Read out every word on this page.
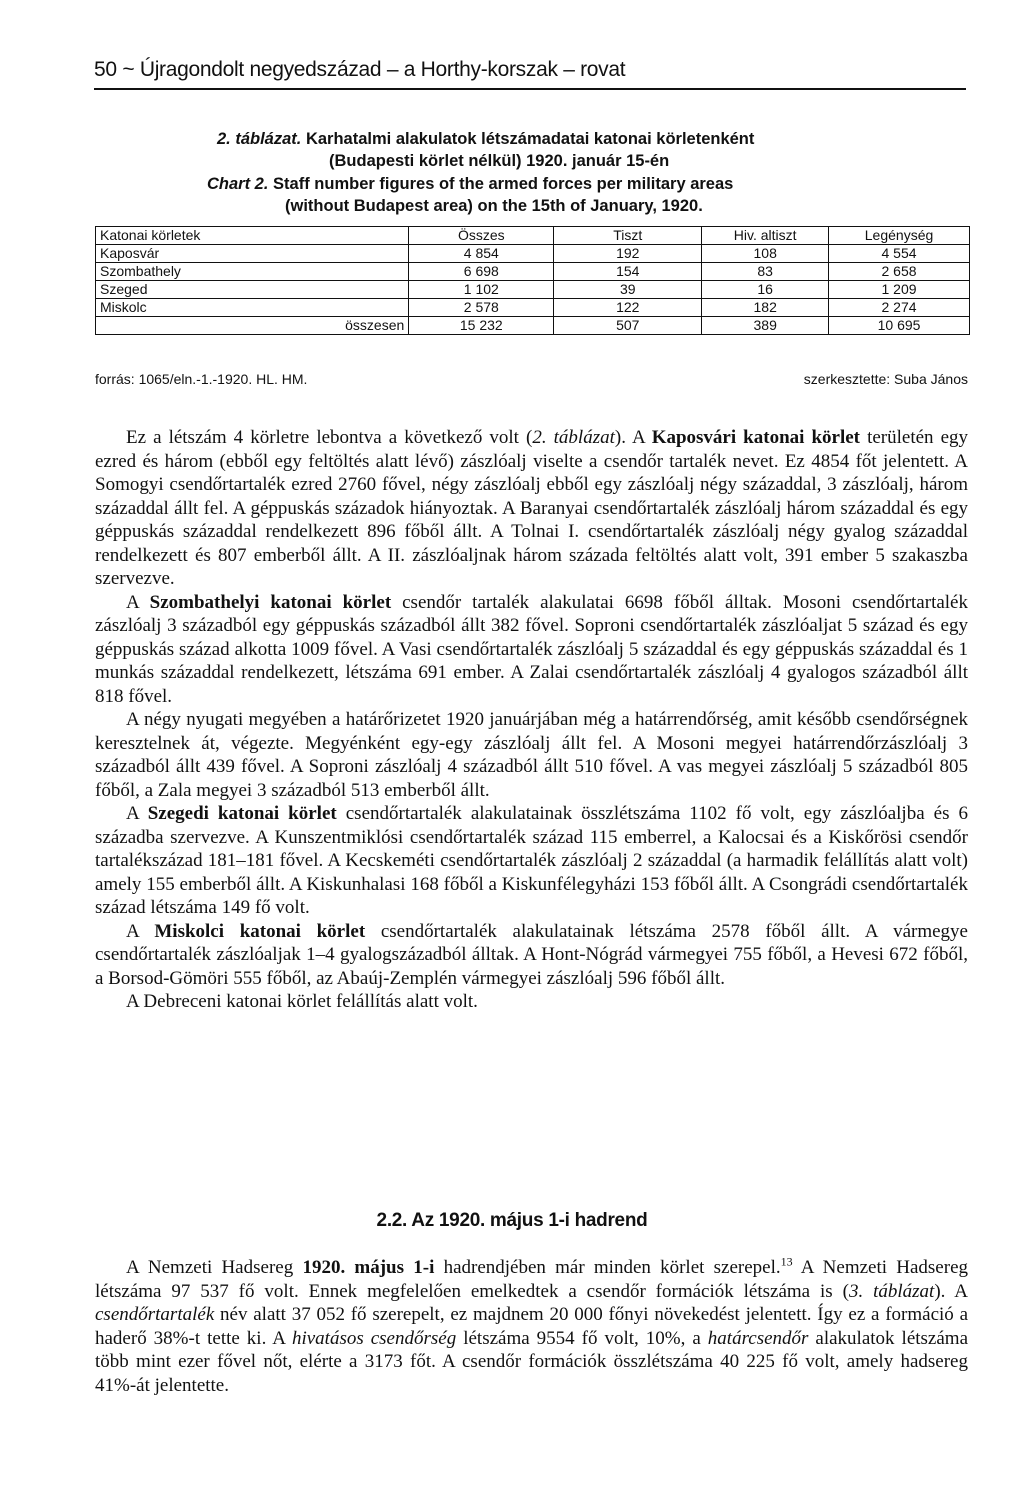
50 ~ Újragondolt negyedszázad – a Horthy-korszak – rovat
2. táblázat. Karhatalmi alakulatok létszámadatai katonai körletenként
(Budapesti körlet nélkül) 1920. január 15-én
Chart 2. Staff number figures of the armed forces per military areas
(without Budapest area) on the 15th of January, 1920.
Katonai körletek	Összes	Tiszt	Hiv. altiszt	Legénység
Kaposvár	4 854	192	108	4 554
Szombathely	6 698	154	83	2 658
Szeged	1 102	39	16	1 209
Miskolc	2 578	122	182	2 274
összesen	15 232	507	389	10 695
forrás: 1065/eln.-1.-1920. HL. HM.	szerkesztette: Suba János

Ez a létszám 4 körletre lebontva a következő volt (2. táblázat). A Kaposvári katonai körlet területén egy ezred és három (ebből egy feltöltés alatt lévő) zászlóalj viselte a csendőr tartalék nevet. Ez 4854 főt jelentett. A Somogyi csendőrtartalék ezred 2760 fővel, négy zászlóalj ebből egy zászlóalj négy századdal, 3 zászlóalj, három századdal állt fel. A géppuskás századok hiányoztak. A Baranyai csendőrtartalék zászlóalj három századdal és egy géppuskás századdal rendelkezett 896 főből állt. A Tolnai I. csendőrtartalék zászlóalj négy gyalog századdal rendelkezett és 807 emberből állt. A II. zászlóaljnak három százada feltöltés alatt volt, 391 ember 5 szakaszba szervezve.

A Szombathelyi katonai körlet csendőr tartalék alakulatai 6698 főből álltak. Mosoni csendőrtartalék zászlóalj 3 századból egy géppuskás századból állt 382 fővel. Soproni csendőrtartalék zászlóaljat 5 század és egy géppuskás század alkotta 1009 fővel. A Vasi csendőrtartalék zászlóalj 5 századdal és egy géppuskás századdal és 1 munkás századdal rendelkezett, létszáma 691 ember. A Zalai csendőrtartalék zászlóalj 4 gyalogos századból állt 818 fővel.

A négy nyugati megyében a határőrizetet 1920 januárjában még a határrendőrség, amit később csendőrségnek keresztelnek át, végezte. Megyénként egy-egy zászlóalj állt fel. A Mosoni megyei határrendőrzászlóalj 3 századból állt 439 fővel. A Soproni zászlóalj 4 századból állt 510 fővel. A vas megyei zászlóalj 5 századból 805 főből, a Zala megyei 3 századból 513 emberből állt.

A Szegedi katonai körlet csendőrtartalék alakulatainak összlétszáma 1102 fő volt, egy zászlóaljba és 6 századba szervezve. A Kunszentmiklósi csendőrtartalék század 115 emberrel, a Kalocsai és a Kiskőrösi csendőr tartalékszázad 181–181 fővel. A Kecskeméti csendőrtartalék zászlóalj 2 századdal (a harmadik felállítás alatt volt) amely 155 emberből állt. A Kiskunhalasi 168 főből a Kiskunfélegyházi 153 főből állt. A Csongrádi csendőrtartalék század létszáma 149 fő volt.

A Miskolci katonai körlet csendőrtartalék alakulatainak létszáma 2578 főből állt. A vármegye csendőrtartalék zászlóaljak 1–4 gyalogszázadból álltak. A Hont-Nógrád vármegyei 755 főből, a Hevesi 672 főből, a Borsod-Gömöri 555 főből, az Abaúj-Zemplén vármegyei zászlóalj 596 főből állt.

A Debreceni katonai körlet felállítás alatt volt.

2.2. Az 1920. május 1-i hadrend

A Nemzeti Hadsereg 1920. május 1-i hadrendjében már minden körlet szerepel.$^{13}$ A Nemzeti Hadsereg létszáma 97 537 fő volt. Ennek megfelelően emelkedtek a csendőr formációk létszáma is (3. táblázat). A csendőrtartalék név alatt 37 052 fő szerepelt, ez majdnem 20 000 főnyi növekedést jelentett. Így ez a formáció a haderő 38%-t tette ki. A hivatásos csendőrség létszáma 9554 fő volt, 10%, a határcsendőr alakulatok létszáma több mint ezer fővel nőt, elérte a 3173 főt. A csendőr formációk összlétszáma 40 225 fő volt, amely hadsereg 41%-át jelentette.
